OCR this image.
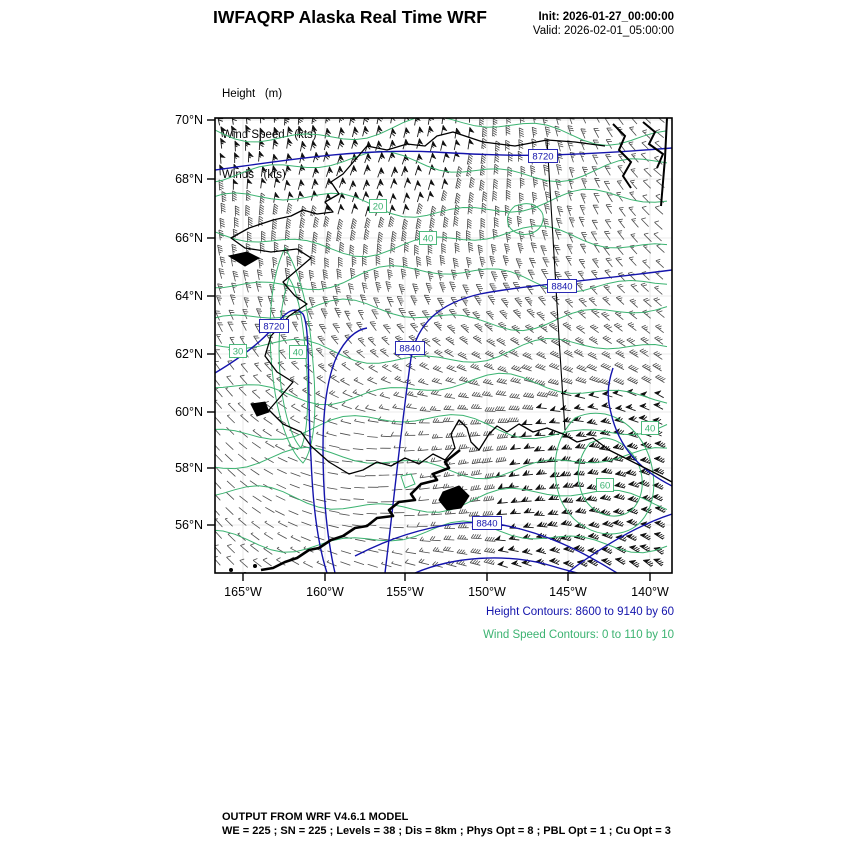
IWFAQRP Alaska Real Time WRF	Init: 2026-01-27_00:00:00
Valid: 2026-02-01_05:00:00

Height   (m)

Wind Speed   (kts)

Winds   (kts)

8720
8840
8720
8840
8840
20
40
30	40
40
60
70°N
68°N
66°N
64°N
62°N
60°N
58°N
56°N
165°W	160°W	155°W	150°W	145°W	140°W
Height Contours: 8600 to 9140 by 60
Wind Speed Contours: 0 to 110 by 10
OUTPUT FROM WRF V4.6.1 MODEL
WE = 225 ; SN = 225 ; Levels = 38 ; Dis = 8km ; Phys Opt = 8 ; PBL Opt = 1 ; Cu Opt = 3
